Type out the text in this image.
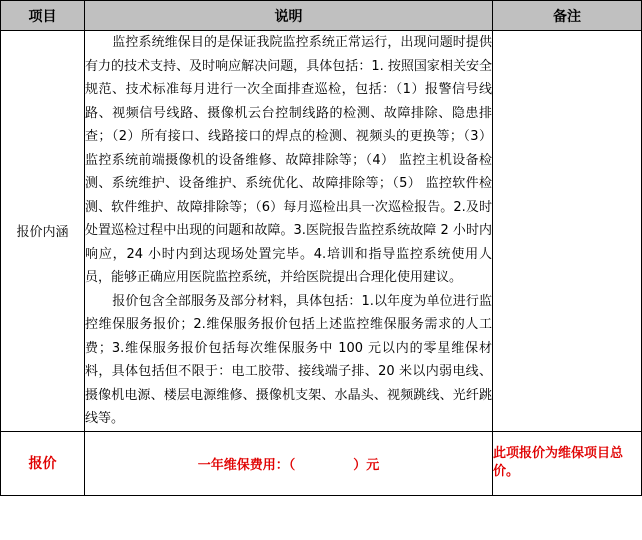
项目	说明	备注
报价内涵	监控系统维保目的是保证我院监控系统正常运行，出现问题时提供有力的技术支持、及时响应解决问题，具体包括：1. 按照国家相关安全规范、技术标准每月进行一次全面排查巡检，包括：（1）报警信号线路、视频信号线路、摄像机云台控制线路的检测、故障排除、隐患排查；（2）所有接口、线路接口的焊点的检测、视频头的更换等；（3） 监控系统前端摄像机的设备维修、故障排除等；（4） 监控主机设备检测、系统维护、设备维护、系统优化、故障排除等；（5） 监控软件检测、软件维护、故障排除等；（6）每月巡检出具一次巡检报告。2.及时处置巡检过程中出现的问题和故障。3.医院报告监控系统故障 2 小时内响应，24 小时内到达现场处置完毕。4.培训和指导监控系统使用人员，能够正确应用医院监控系统，并给医院提出合理化使用建议。

报价包含全部服务及部分材料，具体包括：1.以年度为单位进行监控维保服务报价；2.维保服务报价包括上述监控维保服务需求的人工费；3.维保服务报价包括每次维保服务中 100 元以内的零星维保材料，具体包括但不限于：电工胶带、接线端子排、20 米以内弱电线、摄像机电源、楼层电源维修、摄像机支架、水晶头、视频跳线、光纤跳线等。	

报价	一年维保费用：（ ）元	此项报价为维保项目总价。
